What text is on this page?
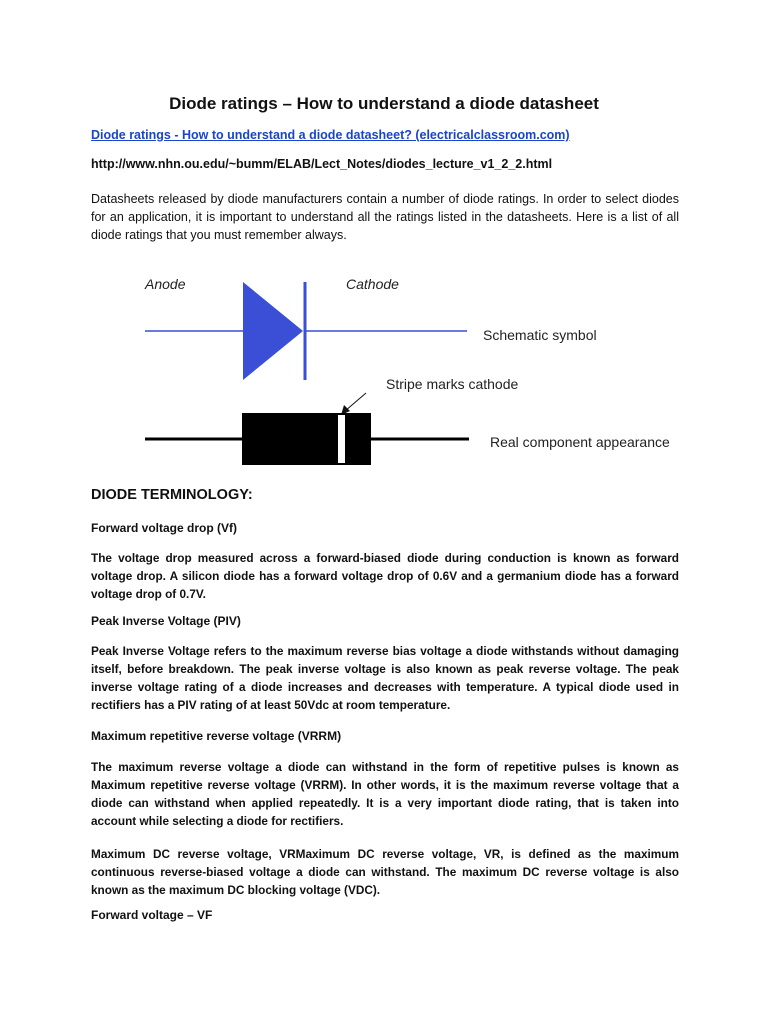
Diode ratings – How to understand a diode datasheet
Diode ratings - How to understand a diode datasheet? (electricalclassroom.com)
http://www.nhn.ou.edu/~bumm/ELAB/Lect_Notes/diodes_lecture_v1_2_2.html

Datasheets released by diode manufacturers contain a number of diode ratings. In order to select diodes for an application, it is important to understand all the ratings listed in the datasheets. Here is a list of all diode ratings that you must remember always.

Anode	Cathode
Schematic symbol
Stripe marks cathode
Real component appearance
DIODE TERMINOLOGY:
Forward voltage drop (Vf)

The voltage drop measured across a forward-biased diode during conduction is known as forward voltage drop. A silicon diode has a forward voltage drop of 0.6V and a germanium diode has a forward voltage drop of 0.7V.

Peak Inverse Voltage (PIV)

Peak Inverse Voltage refers to the maximum reverse bias voltage a diode withstands without damaging itself, before breakdown. The peak inverse voltage is also known as peak reverse voltage. The peak inverse voltage rating of a diode increases and decreases with temperature. A typical diode used in rectifiers has a PIV rating of at least 50Vdc at room temperature.

Maximum repetitive reverse voltage (VRRM)

The maximum reverse voltage a diode can withstand in the form of repetitive pulses is known as Maximum repetitive reverse voltage (VRRM). In other words, it is the maximum reverse voltage that a diode can withstand when applied repeatedly. It is a very important diode rating, that is taken into account while selecting a diode for rectifiers.

Maximum DC reverse voltage, VRMaximum DC reverse voltage, VR, is defined as the maximum continuous reverse-biased voltage a diode can withstand. The maximum DC reverse voltage is also known as the maximum DC blocking voltage (VDC).

Forward voltage – VF
